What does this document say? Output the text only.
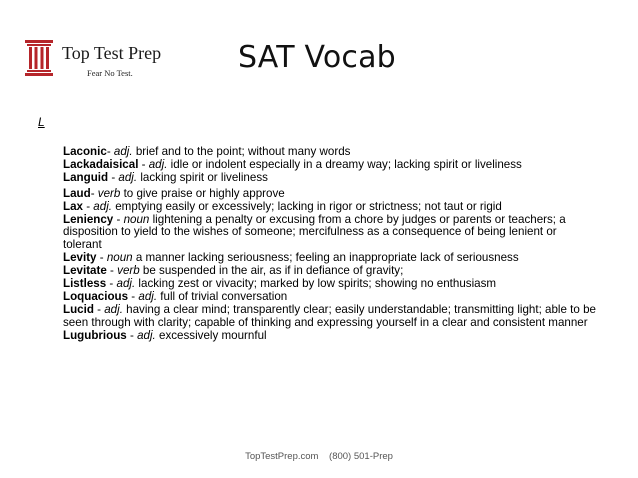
Top Test Prep
Fear No Test.	SAT Vocab
L

Laconic- adj. brief and to the point; without many words

Lackadaisical - adj. idle or indolent especially in a dreamy way; lacking spirit or liveliness

Languid - adj. lacking spirit or liveliness

Laud- verb to give praise or highly approve

Lax - adj. emptying easily or excessively; lacking in rigor or strictness; not taut or rigid

Leniency - noun lightening a penalty or excusing from a chore by judges or parents or teachers; a disposition to yield to the wishes of someone; mercifulness as a consequence of being lenient or tolerant

Levity - noun a manner lacking seriousness; feeling an inappropriate lack of seriousness

Levitate - verb be suspended in the air, as if in defiance of gravity;

Listless - adj. lacking zest or vivacity; marked by low spirits; showing no enthusiasm

Loquacious - adj. full of trivial conversation

Lucid - adj. having a clear mind; transparently clear; easily understandable; transmitting light; able to be seen through with clarity; capable of thinking and expressing yourself in a clear and consistent manner

Lugubrious - adj. excessively mournful

TopTestPrep.com (800) 501-Prep
